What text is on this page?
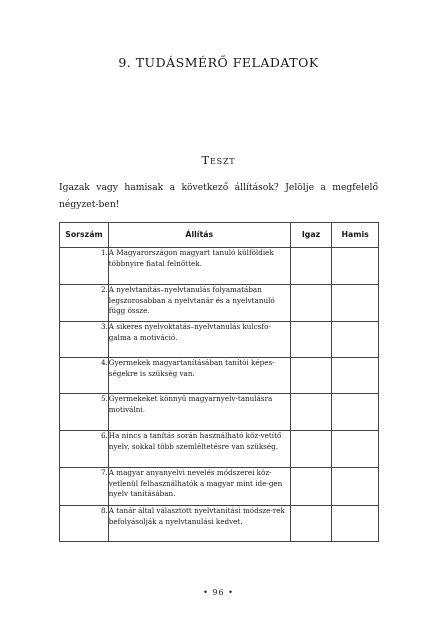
9. TUDÁSMÉRŐ FELADATOK
Teszt
Igazak vagy hamisak a következő állítások? Jelölje a megfelelő négyzet-ben!
Sorszám	Állítás	Igaz	Hamis
1.	A Magyarországon magyart tanuló külföldiek többnyire fiatal felnőttek.		
2.	A nyelvtanítás–nyelvtanulás folyamatában legszorosabban a nyelvtanár és a nyelvtanuló függ össze.		
3.	A sikeres nyelvoktatás–nyelvtanulás kulcsfo-galma a motiváció.		
4.	Gyermekek magyartanításában tanítói képes-ségekre is szükség van.		
5.	Gyermekeket könnyű magyarnyelv-tanulásra motiválni.		
6.	Ha nincs a tanítás során használható köz-vetítő nyelv, sokkal több szemléltetésre van szükség.		
7.	A magyar anyanyelvi nevelés módszerei köz-vetlenül felhasználhatók a magyar mint ide-gen nyelv tanításában.		
8.	A tanár által választott nyelvtanítási módsze-rek befolyásolják a nyelvtanulási kedvet.		
• 96 •
